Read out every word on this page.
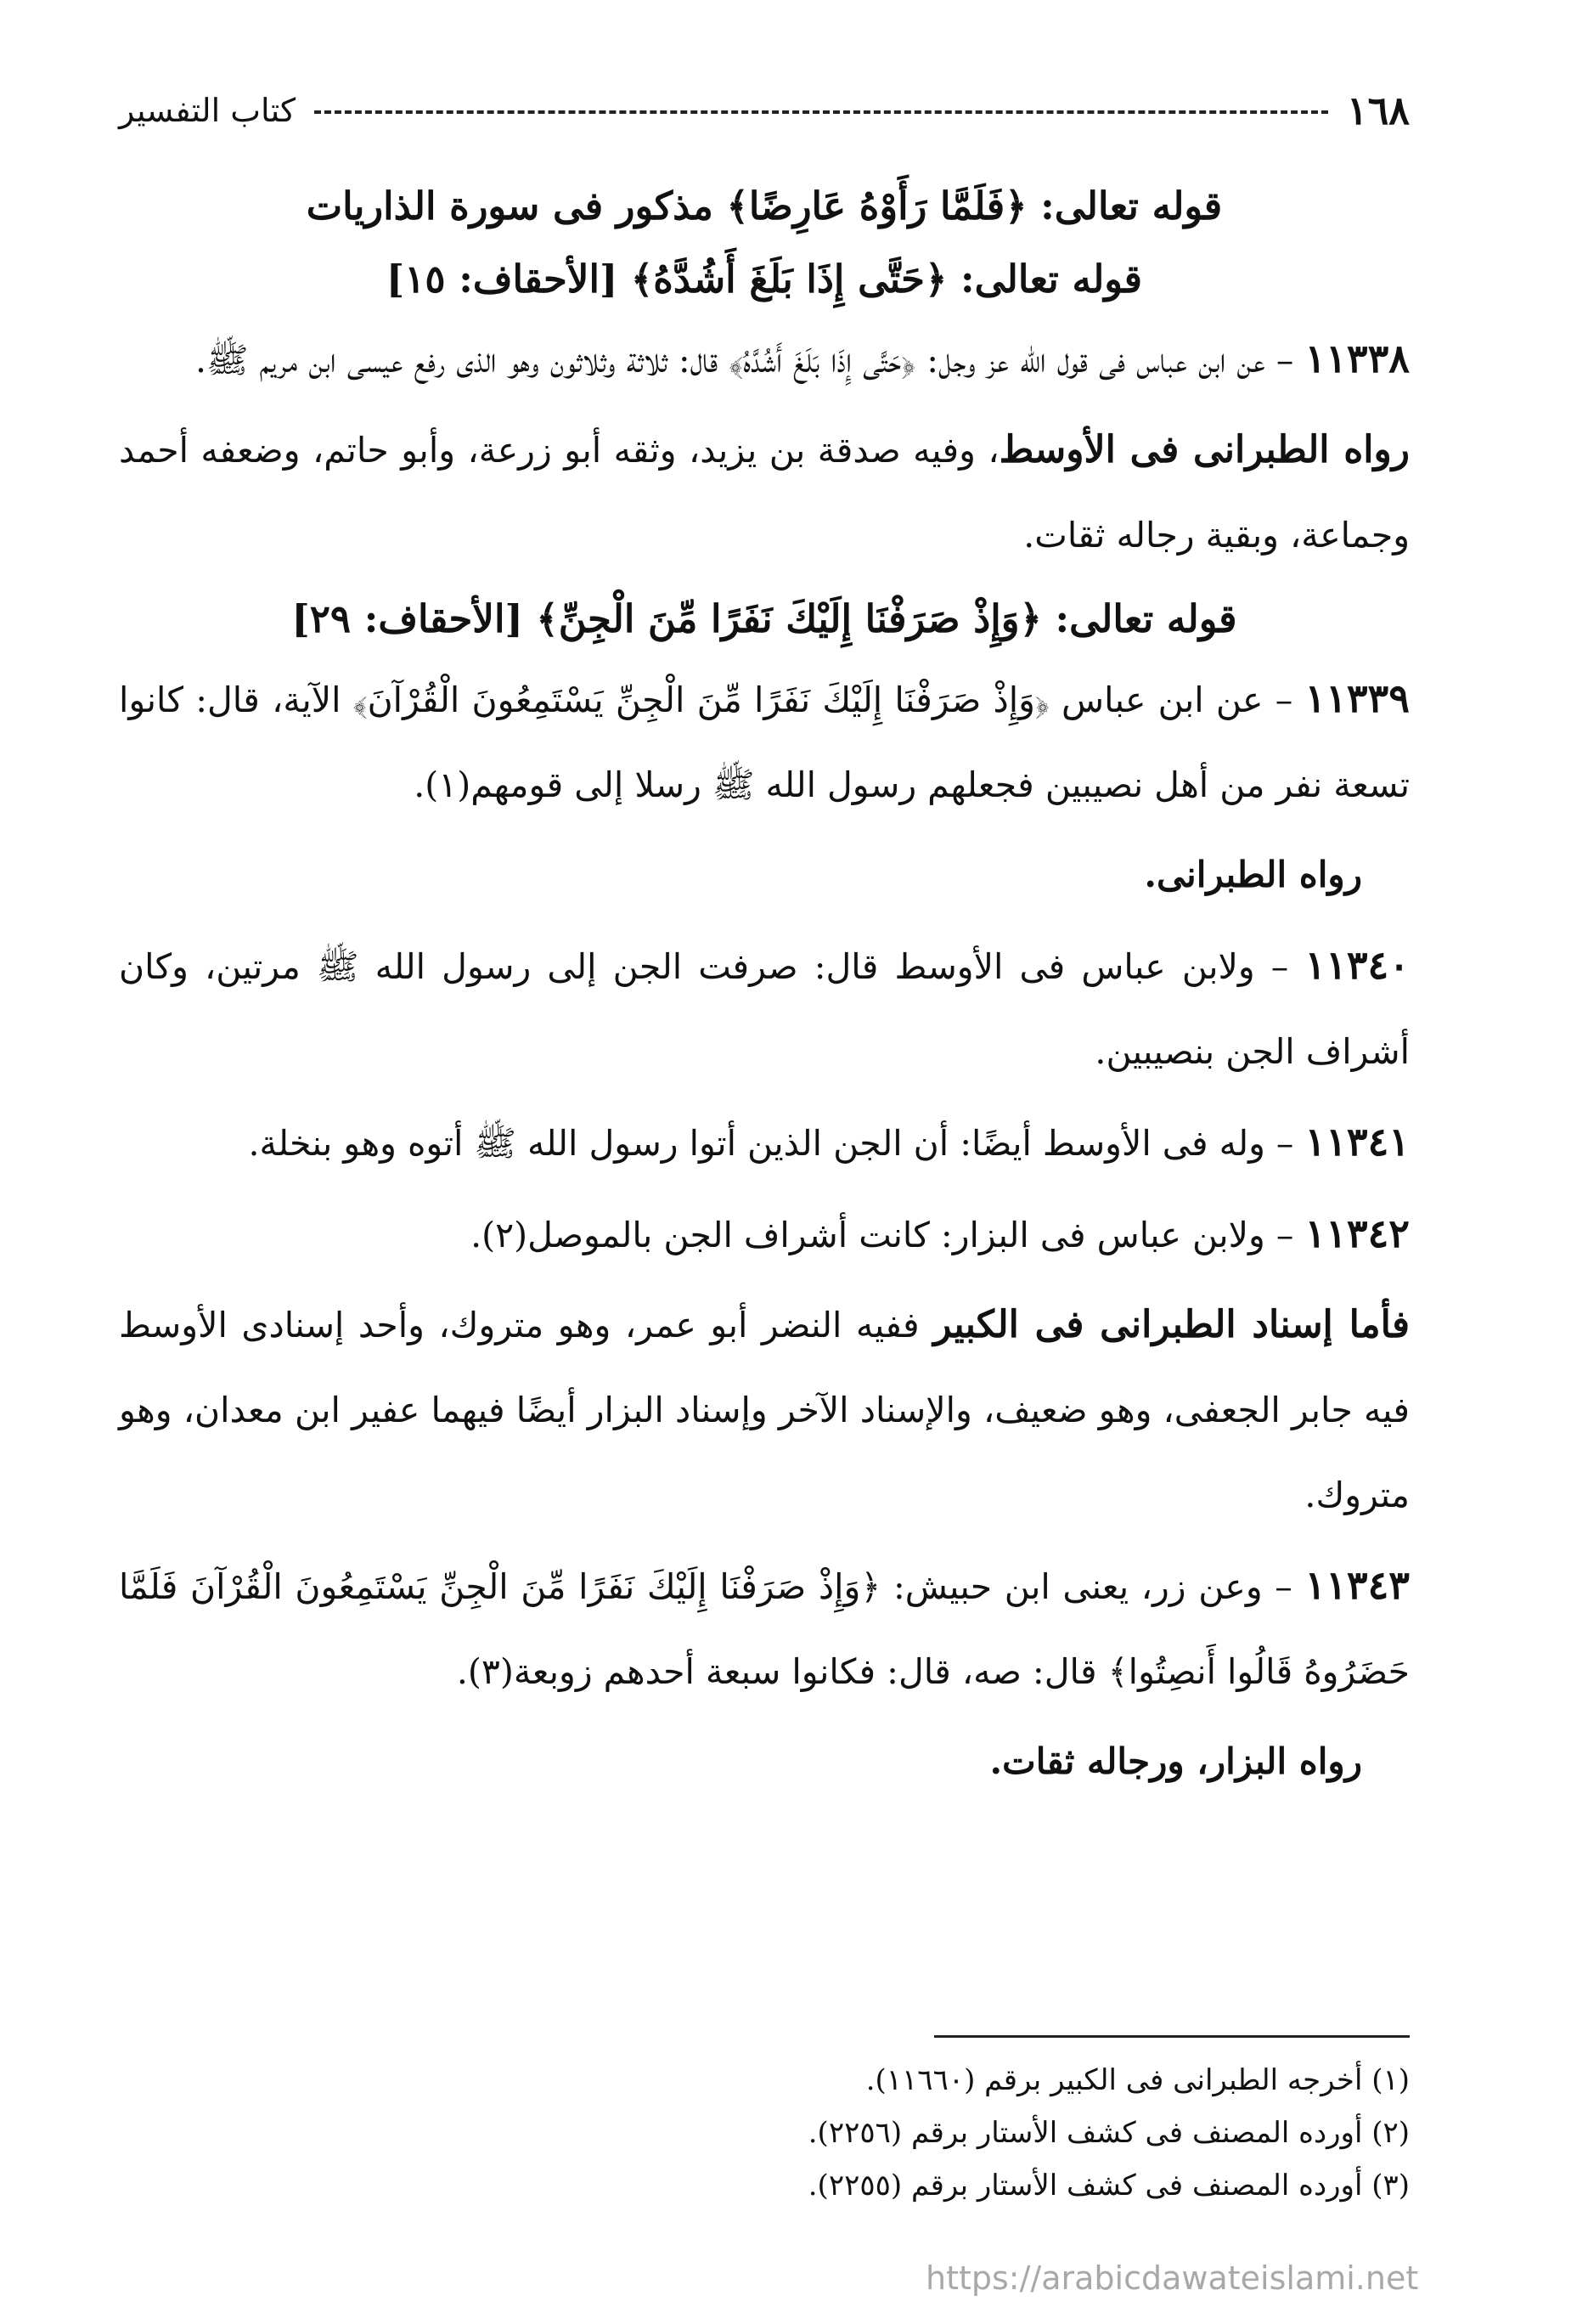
١٦٨
كتاب التفسير

قوله تعالى: ﴿فَلَمَّا رَأَوْهُ عَارِضًا﴾ مذكور فى سورة الذاريات

قوله تعالى: ﴿حَتَّى إِذَا بَلَغَ أَشُدَّهُ﴾ [الأحقاف: ١٥]

١١٣٣٨ – عن ابن عباس فى قول الله عز وجل: ﴿حَتَّى إِذَا بَلَغَ أَشُدَّهُ﴾ قال: ثلاثة وثلاثون وهو الذى رفع عيسى ابن مريم ﷺ.

رواه الطبرانى فى الأوسط، وفيه صدقة بن يزيد، وثقه أبو زرعة، وأبو حاتم، وضعفه أحمد وجماعة، وبقية رجاله ثقات.

قوله تعالى: ﴿وَإِذْ صَرَفْنَا إِلَيْكَ نَفَرًا مِّنَ الْجِنِّ﴾ [الأحقاف: ٢٩]

١١٣٣٩ – عن ابن عباس ﴿وَإِذْ صَرَفْنَا إِلَيْكَ نَفَرًا مِّنَ الْجِنِّ يَسْتَمِعُونَ الْقُرْآنَ﴾ الآية، قال: كانوا تسعة نفر من أهل نصيبين فجعلهم رسول الله ﷺ رسلا إلى قومهم(١).

رواه الطبرانى.

١١٣٤٠ – ولابن عباس فى الأوسط قال: صرفت الجن إلى رسول الله ﷺ مرتين، وكان أشراف الجن بنصيبين.

١١٣٤١ – وله فى الأوسط أيضًا: أن الجن الذين أتوا رسول الله ﷺ أتوه وهو بنخلة.

١١٣٤٢ – ولابن عباس فى البزار: كانت أشراف الجن بالموصل(٢).

فأما إسناد الطبرانى فى الكبير ففيه النضر أبو عمر، وهو متروك، وأحد إسنادى الأوسط فيه جابر الجعفى، وهو ضعيف، والإسناد الآخر وإسناد البزار أيضًا فيهما عفير ابن معدان، وهو متروك.

١١٣٤٣ – وعن زر، يعنى ابن حبيش: ﴿وَإِذْ صَرَفْنَا إِلَيْكَ نَفَرًا مِّنَ الْجِنِّ يَسْتَمِعُونَ الْقُرْآنَ فَلَمَّا حَضَرُوهُ قَالُوا أَنصِتُوا﴾ قال: صه، قال: فكانوا سبعة أحدهم زوبعة(٣).

رواه البزار، ورجاله ثقات.

(١) أخرجه الطبرانى فى الكبير برقم (١١٦٦٠).

(٢) أورده المصنف فى كشف الأستار برقم (٢٢٥٦).

(٣) أورده المصنف فى كشف الأستار برقم (٢٢٥٥).

https://arabicdawateislami.net
